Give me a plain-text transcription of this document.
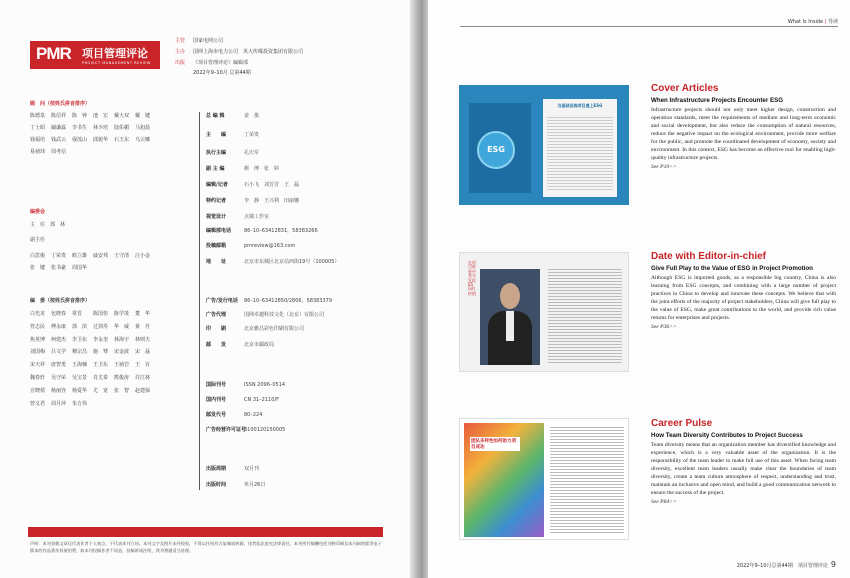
PMR 项目管理评论
PROJECT MANAGEMENT REVIEW
主管 国家电网公司
主办 国网上海市电力公司　英大传媒投资集团有限公司
出版 《项目管理评论》编辑部
2022年9–10月 总第44期
顾　问（按姓氏拼音排序）
陈德泉	陈信祥	陈　钟	池　宏	戴大双	戴　键
丁士昭	阚谦霖	李书生	林少培	陆佑楣	马旭晨
钱福培	钱武云	强茂山	邱菀华	石玉东	乌云娜
易祯玮	周考信
编委会
主　任　 郑　林
副主任
白思俊	丁荣贵	欧立雄	戚安邦	王守清	汪小金
张　键	张书豪	周国华
编　委（按姓氏拼音排序）
白光龙	包晓春	常晋	陈国恒	陈学茂	董　华
符志民	傅永康	郭　滨	过剑寿	华　威	黄　丹
焦英博	柯建杰	李卫东	李永奎	林海宇	林则夫
刘国梅	吕文学	穆宗昌	施　骞	宋金波	宋　磊
宋天祥	唐智勇	王海楠	王卫东	王祯岩	王　有
魏春轩	吴守荣	吴宝景	肖尤泰	熊俊涛	许江林
宣晓倩	杨丽容	杨爱华	尤　宽	张　智	赵建保
曾义君	周月萍	朱方伟
总 编 辑	姜　俊
主　　编	丁荣贵
执行主编	孔庆军
副 主 编	颜　博　张　婷
编辑/记者	石小飞　刘芳芳　王　磊
特约记者	李　静　王兴利　田丽娜
视觉设计	点墙工作室
编辑部电话	86–10–63412831，58383266
投稿邮箱	pmreview@163.com
地　　址	北京市东城区北京站西街19号（100005）
广告/发行电话 86–10–63412850/2806，58383379
广告代理	国网卓越科技文化（北京）有限公司
印　　刷	北京雅昌彩色印刷有限公司
邮　　发	北京市邮政局
国际刊号	ISSN 2096–0514
国内刊号	CN 31–2110/F
邮发代号	80–224
广告经营许可证号3100120150005
出版周期	双月刊
出版时间	单月26日
声明：本刊登载文章仅代表作者个人观点，不代表本刊立场。本刊文字及图片未经授权，不得以任何形式复制或转载，违者依法追究法律责任。本刊所付稿酬包括刊物印刷及本刊网络版等电子版本的作品著作权使用费，如本刊投稿作者不同意，投稿时请注明，我刊将做适当处理。
What Is Inside | 导读
ESG
当基础设施项目遇上ESG
在项目推进中充分发挥ESG的价值
团队多样性如何助力项目成功
Cover Articles
When Infrastructure Projects Encounter ESG

Infrastructure projects should not only meet higher design, construction and operation standards, meet the requirements of medium and long-term economic and social development, but also reduce the consumption of natural resources, reduce the negative impact on the ecological environment, provide more welfare for the public, and promote the coordinated development of economy, society and environment. In this context, ESG has become an effective tool for enabling high-quality infrastructure projects.

See P10>>
Date with Editor-in-chief
Give Full Play to the Value of ESG in Project Promotion

Although ESG is imported goods, as a responsible big country, China is also learning from ESG concepts, and combining with a large number of project practices in China to develop and innovate these concepts. We believe that with the joint efforts of the majority of project stakeholders, China will give full play to the value of ESG, make great contributions to the world, and provide rich value returns for enterprises and projects.

See P36>>
Career Pulse
How Team Diversity Contributes to Project Success

Team diversity means that an organization member has diversified knowledge and experience, which is a very valuable asset of the organization. It is the responsibility of the team leader to make full use of this asset. When facing team diversity, excellent team leaders usually make clear the boundaries of team diversity, create a team culture atmosphere of respect, understanding and trust, maintain an inclusive and open mind, and build a good communication network to ensure the success of the project.

See P84>>
2022年9–10月总第44期　 项目管理评论 9
